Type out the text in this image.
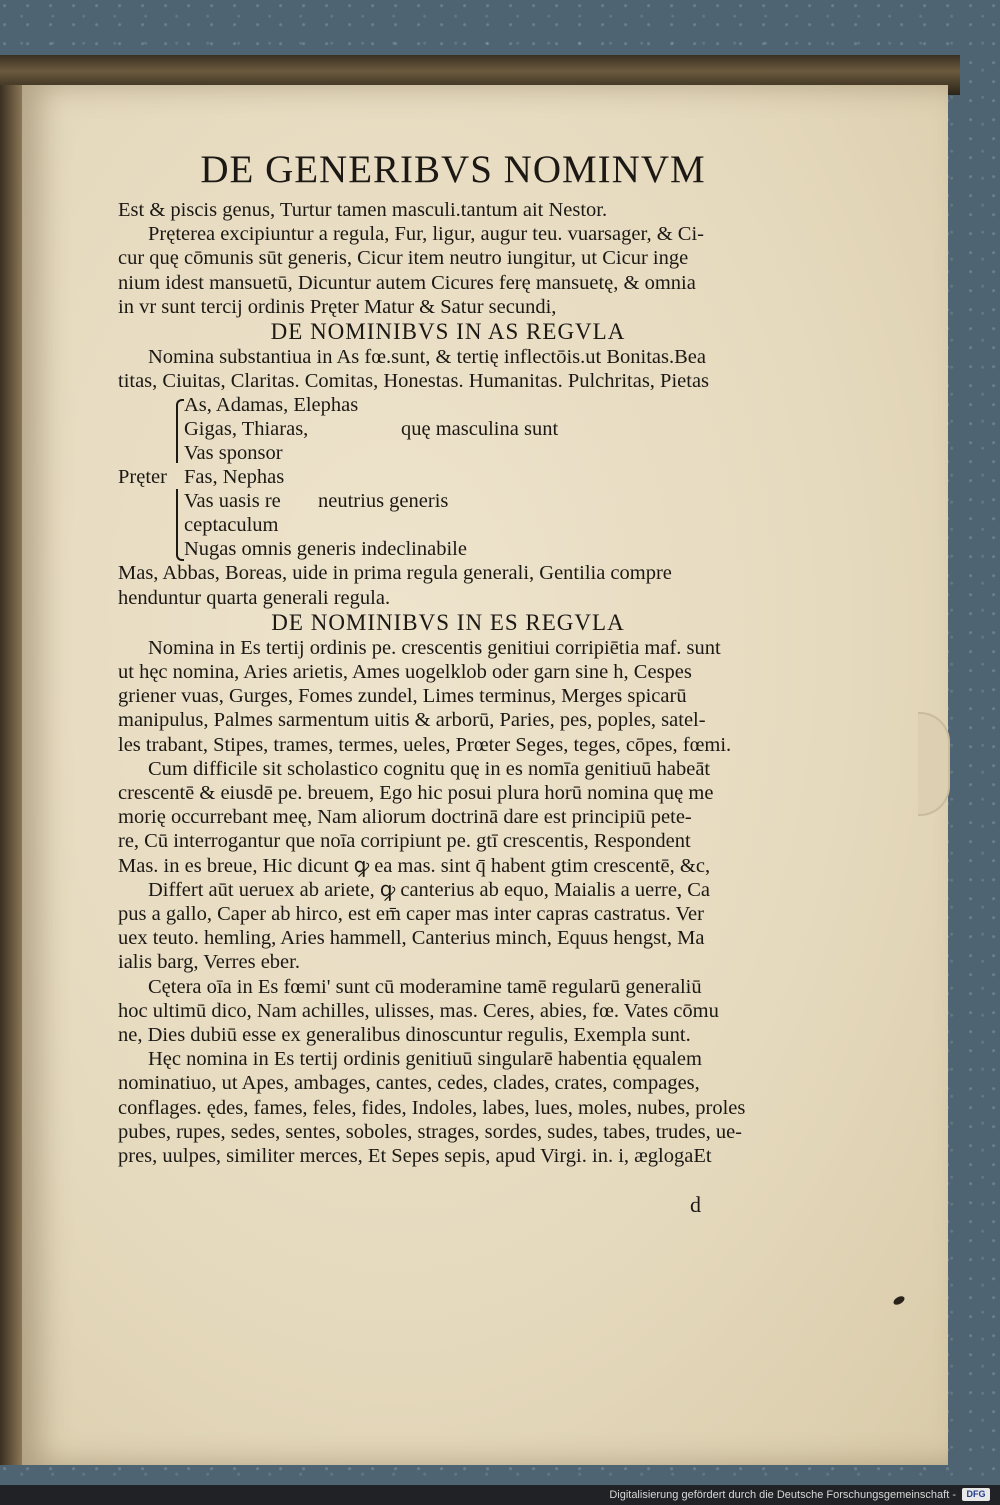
DE GENERIBVS NOMINVM
Est & piscis genus, Turtur tamen masculi.tantum ait Nestor.
Pręterea excipiuntur a regula, Fur, ligur, augur teu. vuarsager, & Ci-
cur quę cōmunis sūt generis, Cicur item neutro iungitur, ut Cicur inge
nium idest mansuetū, Dicuntur autem Cicures ferę mansuetę, & omnia
in vr sunt tercij ordinis Pręter Matur & Satur secundi,
DE NOMINIBVS IN AS REGVLA
Nomina substantiua in As fœ.sunt, & tertię inflectōis.ut Bonitas.Bea
titas, Ciuitas, Claritas. Comitas, Honestas. Humanitas. Pulchritas, Pietas
As, Adamas, Elephas
Gigas, Thiaras,
Vas sponsor
quę masculina sunt
Pręter Fas, Nephas
Vas uasis re
ceptaculum
Nugas omnis generis indeclinabile
neutrius generis
Mas, Abbas, Boreas, uide in prima regula generali, Gentilia compre
henduntur quarta generali regula.
DE NOMINIBVS IN ES REGVLA
Nomina in Es tertij ordinis pe. crescentis genitiui corripiētia maf. sunt
ut hęc nomina, Aries arietis, Ames uogelklob oder garn sine h, Cespes
griener vuas, Gurges, Fomes zundel, Limes terminus, Merges spicarū
manipulus, Palmes sarmentum uitis & arborū, Paries, pes, poples, satel-
les trabant, Stipes, trames, termes, ueles, Prœter Seges, teges, cōpes, fœmi.
Cum difficile sit scholastico cognitu quę in es nomīa genitiuū habeāt
crescentē & eiusdē pe. breuem, Ego hic posui plura horū nomina quę me
morię occurrebant meę, Nam aliorum doctrinā dare est principiū pete-
re, Cū interrogantur que noīa corripiunt pe. gtī crescentis, Respondent
Mas. in es breue, Hic dicunt ꝙ ea mas. sint q̄ habent gtim crescentē, &c,
Differt aūt ueruex ab ariete, ꝙ canterius ab equo, Maialis a uerre, Ca
pus a gallo, Caper ab hirco, est em̄ caper mas inter capras castratus. Ver
uex teuto. hemling, Aries hammell, Canterius minch, Equus hengst, Ma
ialis barg, Verres eber.
Cętera oīa in Es fœmi' sunt cū moderamine tamē regularū generaliū
hoc ultimū dico, Nam achilles, ulisses, mas. Ceres, abies, fœ. Vates cōmu
ne, Dies dubiū esse ex generalibus dinoscuntur regulis, Exempla sunt.
Hęc nomina in Es tertij ordinis genitiuū singularē habentia ęqualem
nominatiuo, ut Apes, ambages, cantes, cedes, clades, crates, compages,
conflages. ędes, fames, feles, fides, Indoles, labes, lues, moles, nubes, proles
pubes, rupes, sedes, sentes, soboles, strages, sordes, sudes, tabes, trudes, ue-
pres, uulpes, similiter merces, Et Sepes sepis, apud Virgi. in. i, æglogaEt
d
Digitalisierung gefördert durch die Deutsche Forschungsgemeinschaft -	DFG
